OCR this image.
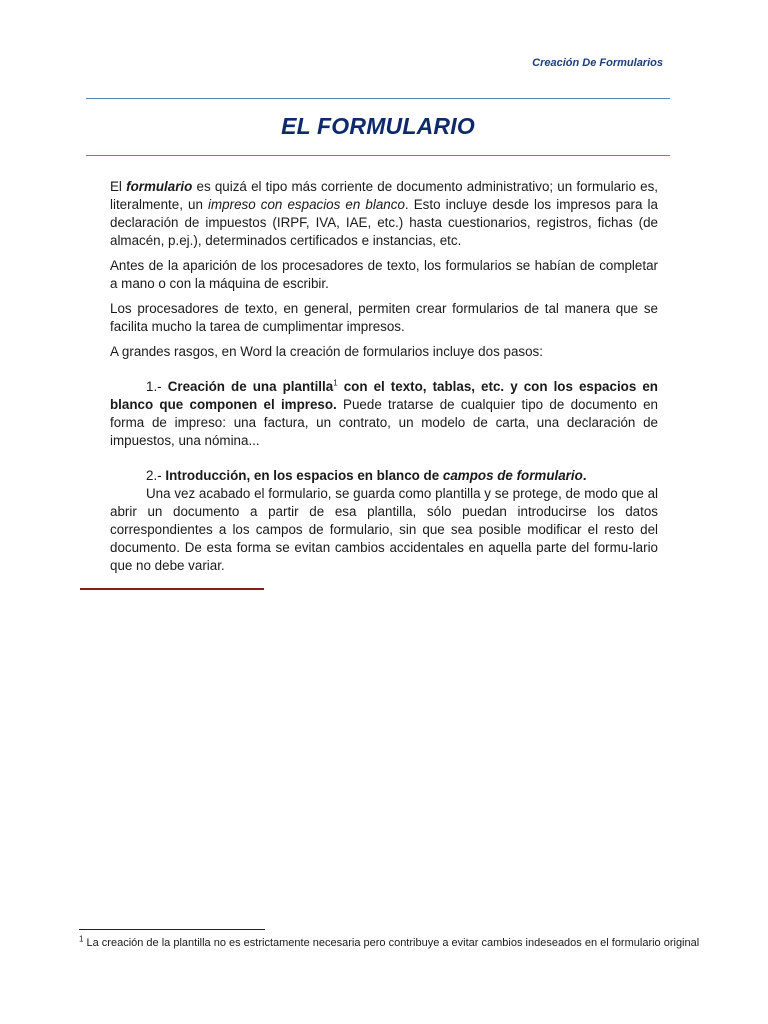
Creación De Formularios
EL FORMULARIO

El formulario es quizá el tipo más corriente de documento administrativo; un formulario es, literalmente, un impreso con espacios en blanco. Esto incluye desde los impresos para la declaración de impuestos (IRPF, IVA, IAE, etc.) hasta cuestionarios, registros, fichas (de almacén, p.ej.), determinados certificados e instancias, etc.

Antes de la aparición de los procesadores de texto, los formularios se habían de completar a mano o con la máquina de escribir.

Los procesadores de texto, en general, permiten crear formularios de tal manera que se facilita mucho la tarea de cumplimentar impresos.

A grandes rasgos, en Word la creación de formularios incluye dos pasos:

1.- Creación de una plantilla$^1$ con el texto, tablas, etc. y con los espacios en blanco que componen el impreso. Puede tratarse de cualquier tipo de documento en forma de impreso: una factura, un contrato, un modelo de carta, una declaración de impuestos, una nómina...

2.- Introducción, en los espacios en blanco de campos de formulario.

Una vez acabado el formulario, se guarda como plantilla y se protege, de modo que al abrir un documento a partir de esa plantilla, sólo puedan introducirse los datos correspondientes a los campos de formulario, sin que sea posible modificar el resto del documento. De esta forma se evitan cambios accidentales en aquella parte del formu-lario que no debe variar.

$^1$ La creación de la plantilla no es estrictamente necesaria pero contribuye a evitar cambios indeseados en el formulario original
